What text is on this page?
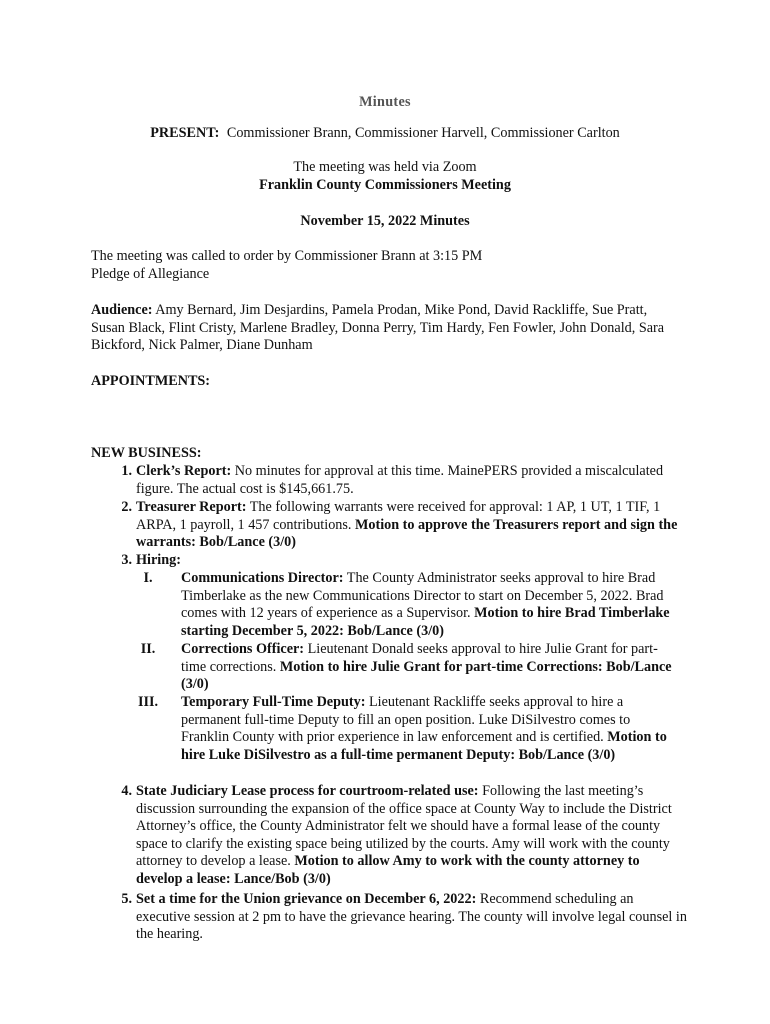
Minutes
PRESENT: Commissioner Brann, Commissioner Harvell, Commissioner Carlton
The meeting was held via Zoom
Franklin County Commissioners Meeting
November 15, 2022 Minutes
The meeting was called to order by Commissioner Brann at 3:15 PM
Pledge of Allegiance
Audience: Amy Bernard, Jim Desjardins, Pamela Prodan, Mike Pond, David Rackliffe, Sue Pratt, Susan Black, Flint Cristy, Marlene Bradley, Donna Perry, Tim Hardy, Fen Fowler, John Donald, Sara Bickford, Nick Palmer, Diane Dunham
APPOINTMENTS:
NEW BUSINESS:
1. Clerk’s Report: No minutes for approval at this time. MainePERS provided a miscalculated figure. The actual cost is $145,661.75.
2. Treasurer Report: The following warrants were received for approval: 1 AP, 1 UT, 1 TIF, 1 ARPA, 1 payroll, 1 457 contributions. Motion to approve the Treasurers report and sign the warrants: Bob/Lance (3/0)
3. Hiring:
I.	Communications Director: The County Administrator seeks approval to hire Brad Timberlake as the new Communications Director to start on December 5, 2022. Brad comes with 12 years of experience as a Supervisor. Motion to hire Brad Timberlake starting December 5, 2022: Bob/Lance (3/0)
II.	Corrections Officer: Lieutenant Donald seeks approval to hire Julie Grant for part-time corrections. Motion to hire Julie Grant for part-time Corrections: Bob/Lance (3/0)
III. Temporary Full-Time Deputy: Lieutenant Rackliffe seeks approval to hire a permanent full-time Deputy to fill an open position. Luke DiSilvestro comes to Franklin County with prior experience in law enforcement and is certified. Motion to hire Luke DiSilvestro as a full-time permanent Deputy: Bob/Lance (3/0)
4. State Judiciary Lease process for courtroom-related use: Following the last meeting’s discussion surrounding the expansion of the office space at County Way to include the District Attorney’s office, the County Administrator felt we should have a formal lease of the county space to clarify the existing space being utilized by the courts. Amy will work with the county attorney to develop a lease. Motion to allow Amy to work with the county attorney to develop a lease: Lance/Bob (3/0)
5. Set a time for the Union grievance on December 6, 2022: Recommend scheduling an executive session at 2 pm to have the grievance hearing. The county will involve legal counsel in the hearing.
